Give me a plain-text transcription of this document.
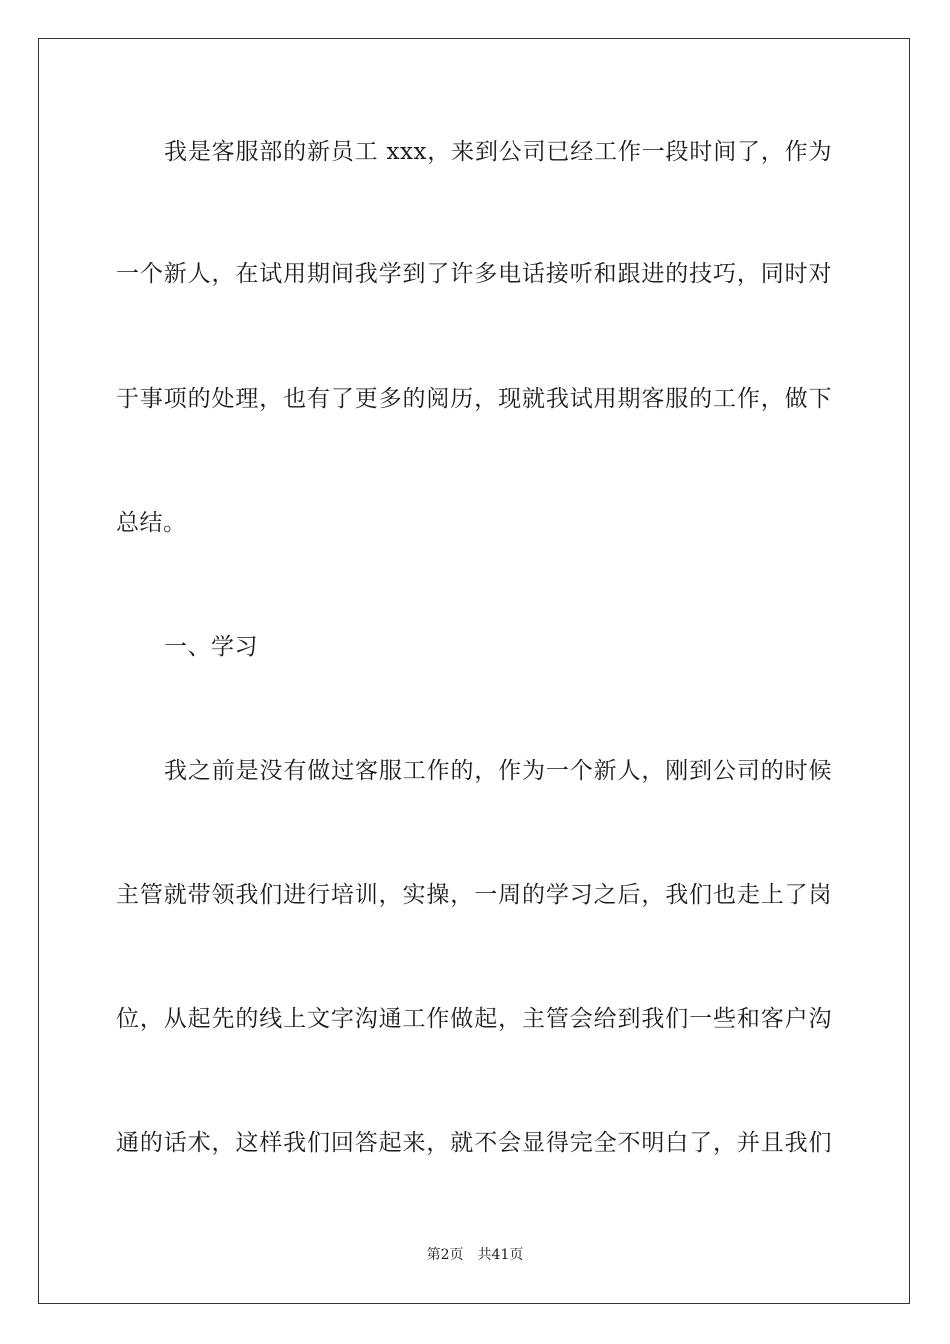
我是客服部的新员工 xxx，来到公司已经工作一段时间了，作为
一个新人，在试用期间我学到了许多电话接听和跟进的技巧，同时对
于事项的处理，也有了更多的阅历，现就我试用期客服的工作，做下
总结。
一、学习
我之前是没有做过客服工作的，作为一个新人，刚到公司的时候
主管就带领我们进行培训，实操，一周的学习之后，我们也走上了岗
位，从起先的线上文字沟通工作做起，主管会给到我们一些和客户沟
通的话术，这样我们回答起来，就不会显得完全不明白了，并且我们
第2页 共41页
